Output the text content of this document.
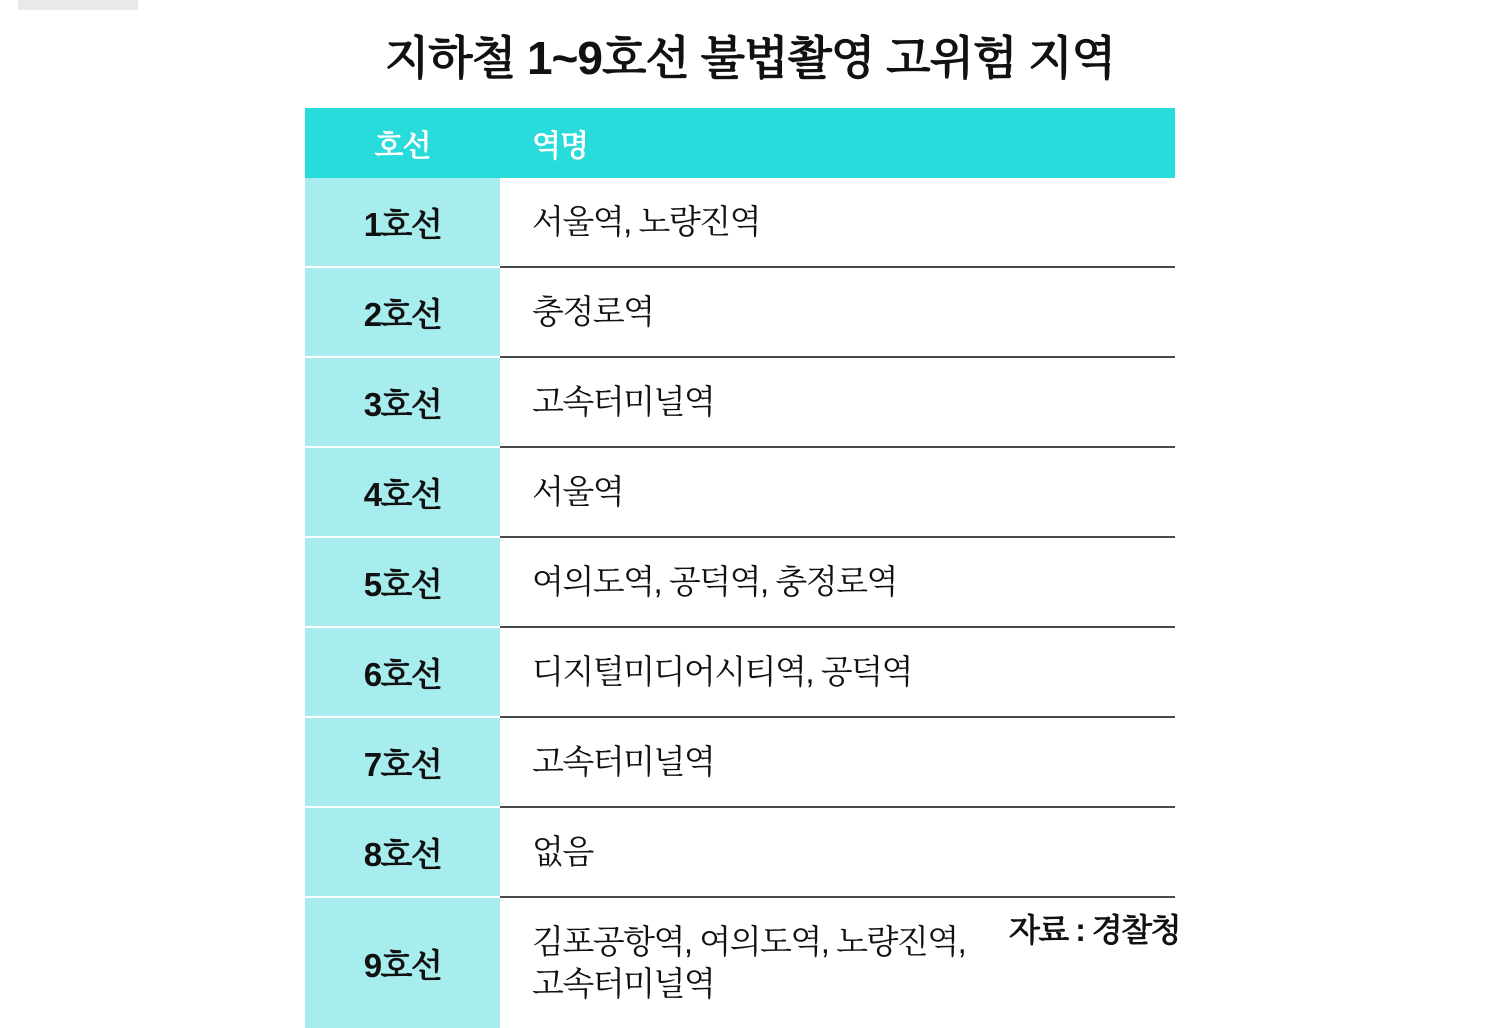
지하철 1~9호선 불법촬영 고위험 지역
호선	역명
1호선	서울역, 노량진역

2호선	충정로역

3호선	고속터미널역

4호선	서울역

5호선	여의도역, 공덕역, 충정로역

6호선	디지털미디어시티역, 공덕역

7호선	고속터미널역

8호선	없음

9호선	김포공항역, 여의도역, 노량진역,
고속터미널역
자료 : 경찰청
